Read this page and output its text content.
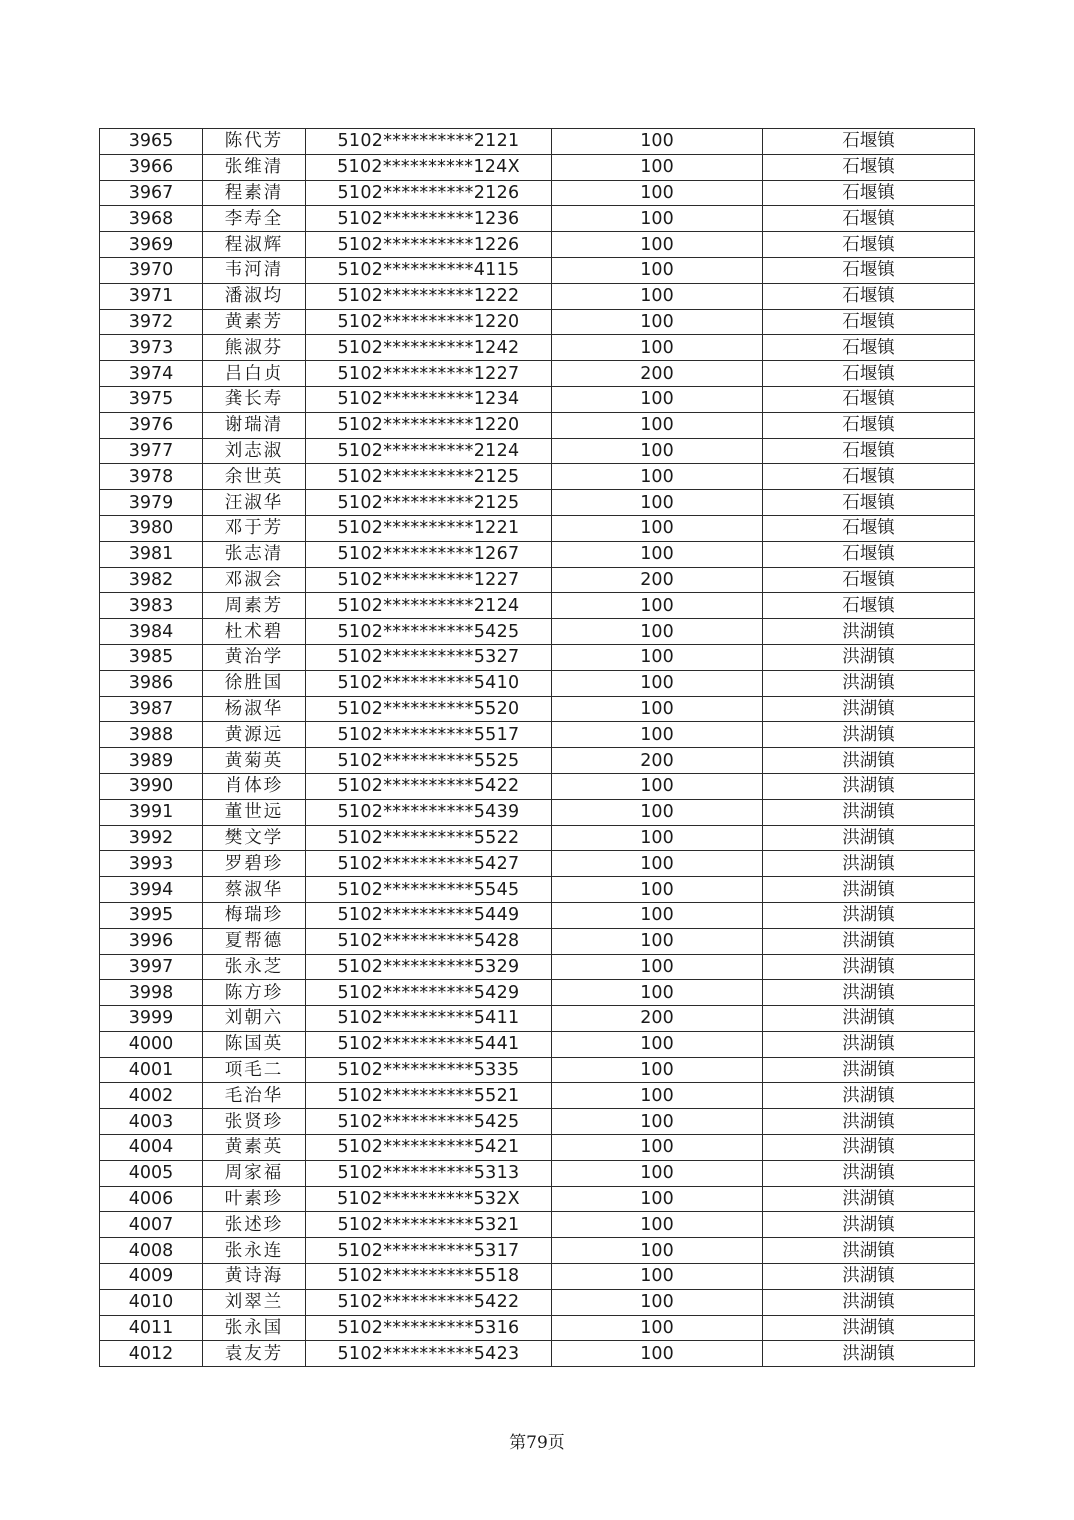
3965	陈代芳	5102**********2121	100	石堰镇
3966	张维清	5102**********124X	100	石堰镇
3967	程素清	5102**********2126	100	石堰镇
3968	李寿全	5102**********1236	100	石堰镇
3969	程淑辉	5102**********1226	100	石堰镇
3970	韦河清	5102**********4115	100	石堰镇
3971	潘淑均	5102**********1222	100	石堰镇
3972	黄素芳	5102**********1220	100	石堰镇
3973	熊淑芬	5102**********1242	100	石堰镇
3974	吕白贞	5102**********1227	200	石堰镇
3975	龚长寿	5102**********1234	100	石堰镇
3976	谢瑞清	5102**********1220	100	石堰镇
3977	刘志淑	5102**********2124	100	石堰镇
3978	余世英	5102**********2125	100	石堰镇
3979	汪淑华	5102**********2125	100	石堰镇
3980	邓于芳	5102**********1221	100	石堰镇
3981	张志清	5102**********1267	100	石堰镇
3982	邓淑会	5102**********1227	200	石堰镇
3983	周素芳	5102**********2124	100	石堰镇
3984	杜术碧	5102**********5425	100	洪湖镇
3985	黄治学	5102**********5327	100	洪湖镇
3986	徐胜国	5102**********5410	100	洪湖镇
3987	杨淑华	5102**********5520	100	洪湖镇
3988	黄源远	5102**********5517	100	洪湖镇
3989	黄菊英	5102**********5525	200	洪湖镇
3990	肖体珍	5102**********5422	100	洪湖镇
3991	董世远	5102**********5439	100	洪湖镇
3992	樊文学	5102**********5522	100	洪湖镇
3993	罗碧珍	5102**********5427	100	洪湖镇
3994	蔡淑华	5102**********5545	100	洪湖镇
3995	梅瑞珍	5102**********5449	100	洪湖镇
3996	夏帮德	5102**********5428	100	洪湖镇
3997	张永芝	5102**********5329	100	洪湖镇
3998	陈方珍	5102**********5429	100	洪湖镇
3999	刘朝六	5102**********5411	200	洪湖镇
4000	陈国英	5102**********5441	100	洪湖镇
4001	项毛二	5102**********5335	100	洪湖镇
4002	毛治华	5102**********5521	100	洪湖镇
4003	张贤珍	5102**********5425	100	洪湖镇
4004	黄素英	5102**********5421	100	洪湖镇
4005	周家福	5102**********5313	100	洪湖镇
4006	叶素珍	5102**********532X	100	洪湖镇
4007	张述珍	5102**********5321	100	洪湖镇
4008	张永连	5102**********5317	100	洪湖镇
4009	黄诗海	5102**********5518	100	洪湖镇
4010	刘翠兰	5102**********5422	100	洪湖镇
4011	张永国	5102**********5316	100	洪湖镇
4012	袁友芳	5102**********5423	100	洪湖镇
第79页
